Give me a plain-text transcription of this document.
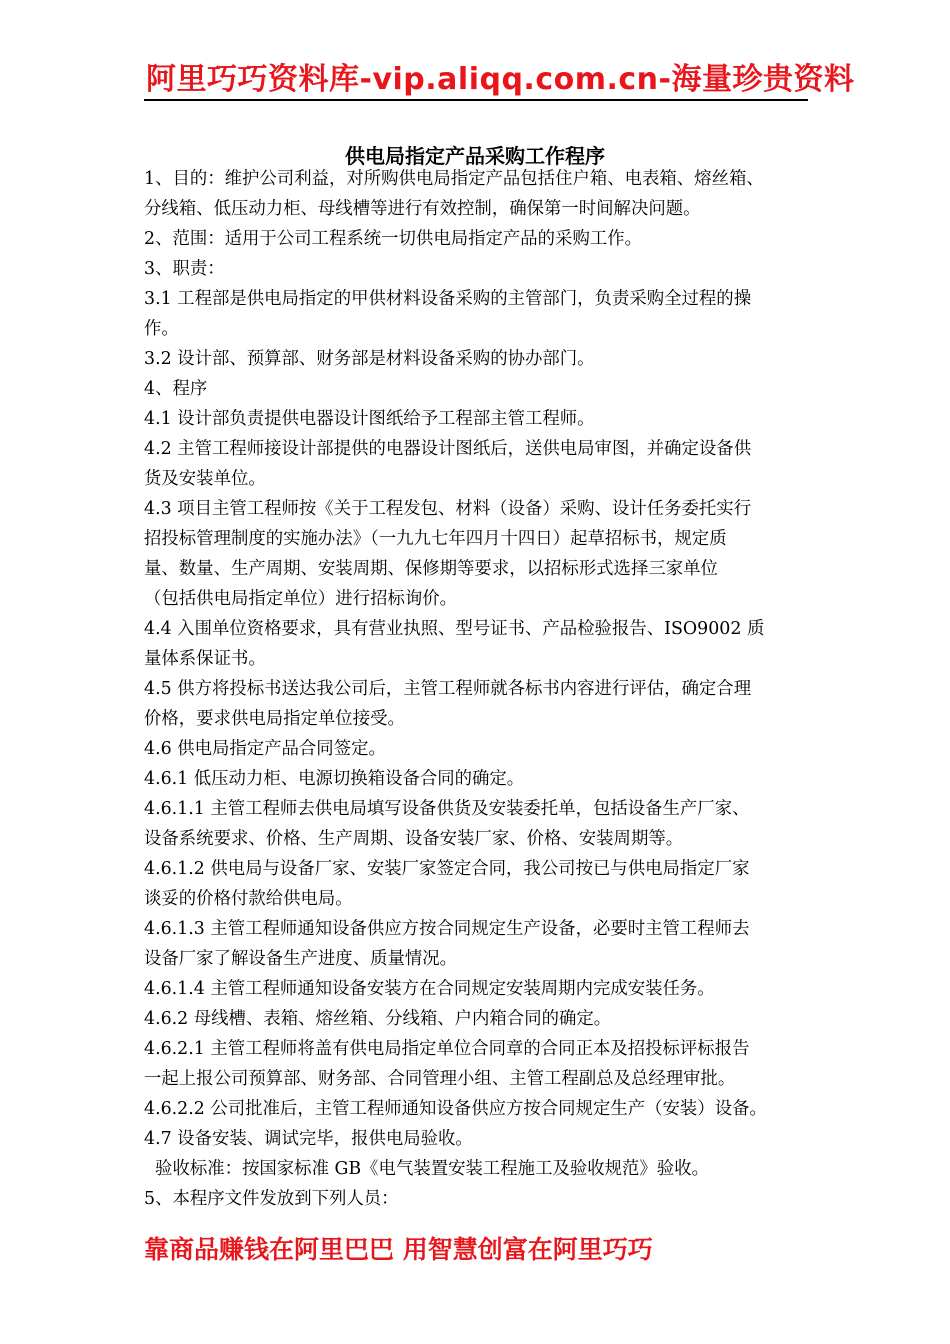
阿里巧巧资料库-vip.aliqq.com.cn-海量珍贵资料
供电局指定产品采购工作程序
1、目的：维护公司利益，对所购供电局指定产品包括住户箱、电表箱、熔丝箱、
分线箱、低压动力柜、母线槽等进行有效控制，确保第一时间解决问题。
2、范围：适用于公司工程系统一切供电局指定产品的采购工作。
3、职责：
3.1 工程部是供电局指定的甲供材料设备采购的主管部门，负责采购全过程的操
作。
3.2 设计部、预算部、财务部是材料设备采购的协办部门。
4、程序
4.1 设计部负责提供电器设计图纸给予工程部主管工程师。
4.2 主管工程师接设计部提供的电器设计图纸后，送供电局审图，并确定设备供
货及安装单位。
4.3 项目主管工程师按《关于工程发包、材料（设备）采购、设计任务委托实行
招投标管理制度的实施办法》（一九九七年四月十四日）起草招标书，规定质
量、数量、生产周期、安装周期、保修期等要求，以招标形式选择三家单位
（包括供电局指定单位）进行招标询价。
4.4 入围单位资格要求，具有营业执照、型号证书、产品检验报告、ISO9002 质
量体系保证书。
4.5 供方将投标书送达我公司后，主管工程师就各标书内容进行评估，确定合理
价格，要求供电局指定单位接受。
4.6 供电局指定产品合同签定。
4.6.1 低压动力柜、电源切换箱设备合同的确定。
4.6.1.1 主管工程师去供电局填写设备供货及安装委托单，包括设备生产厂家、
设备系统要求、价格、生产周期、设备安装厂家、价格、安装周期等。
4.6.1.2 供电局与设备厂家、安装厂家签定合同，我公司按已与供电局指定厂家
谈妥的价格付款给供电局。
4.6.1.3 主管工程师通知设备供应方按合同规定生产设备，必要时主管工程师去
设备厂家了解设备生产进度、质量情况。
4.6.1.4 主管工程师通知设备安装方在合同规定安装周期内完成安装任务。
4.6.2 母线槽、表箱、熔丝箱、分线箱、户内箱合同的确定。
4.6.2.1 主管工程师将盖有供电局指定单位合同章的合同正本及招投标评标报告
一起上报公司预算部、财务部、合同管理小组、主管工程副总及总经理审批。
4.6.2.2 公司批准后，主管工程师通知设备供应方按合同规定生产（安装）设备。
4.7 设备安装、调试完毕，报供电局验收。
验收标准：按国家标准 GB《电气装置安装工程施工及验收规范》验收。
5、本程序文件发放到下列人员：
靠商品赚钱在阿里巴巴 用智慧创富在阿里巧巧
